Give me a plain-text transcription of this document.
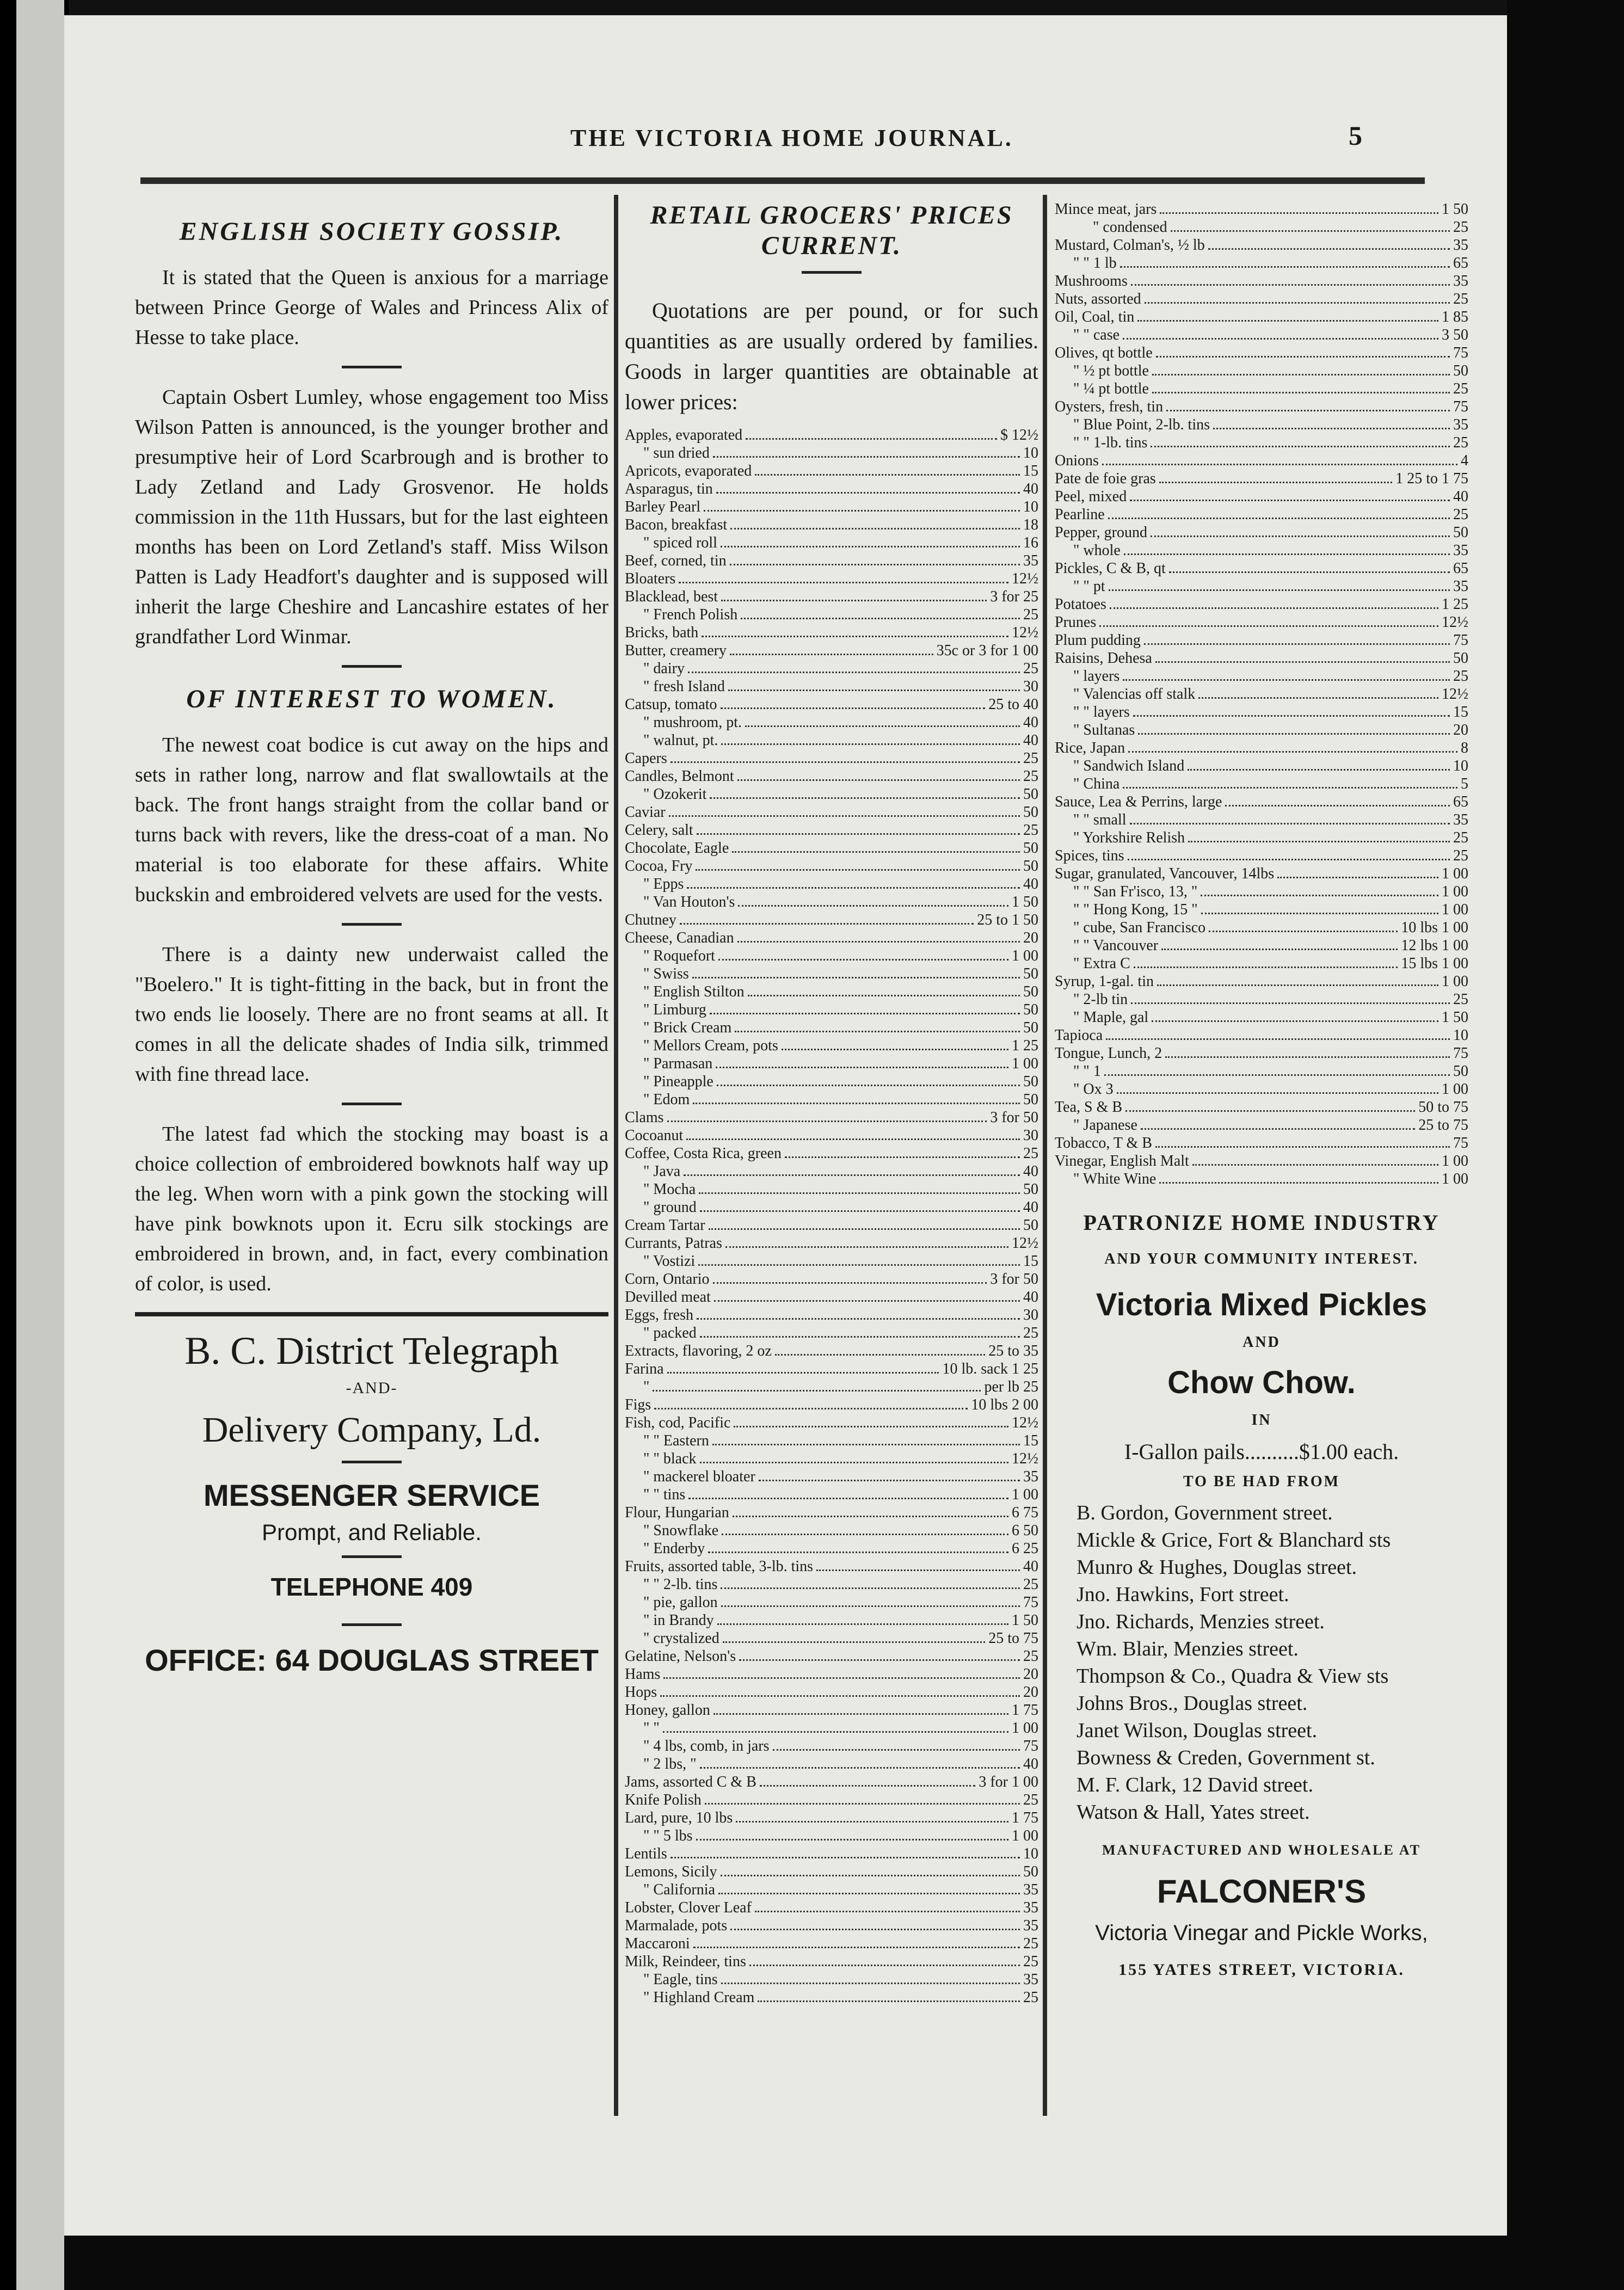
THE VICTORIA HOME JOURNAL.	5
ENGLISH SOCIETY GOSSIP.

It is stated that the Queen is anxious for a marriage between Prince George of Wales and Princess Alix of Hesse to take place.

Captain Osbert Lumley, whose engagement too Miss Wilson Patten is announced, is the younger brother and presumptive heir of Lord Scarbrough and is brother to Lady Zetland and Lady Grosvenor. He holds commission in the 11th Hussars, but for the last eighteen months has been on Lord Zetland's staff. Miss Wilson Patten is Lady Headfort's daughter and is supposed will inherit the large Cheshire and Lancashire estates of her grandfather Lord Winmar.

OF INTEREST TO WOMEN.

The newest coat bodice is cut away on the hips and sets in rather long, narrow and flat swallowtails at the back. The front hangs straight from the collar band or turns back with revers, like the dress-coat of a man. No material is too elaborate for these affairs. White buckskin and embroidered velvets are used for the vests.

There is a dainty new underwaist called the "Boelero." It is tight-fitting in the back, but in front the two ends lie loosely. There are no front seams at all. It comes in all the delicate shades of India silk, trimmed with fine thread lace.

The latest fad which the stocking may boast is a choice collection of embroidered bowknots half way up the leg. When worn with a pink gown the stocking will have pink bowknots upon it. Ecru silk stockings are embroidered in brown, and, in fact, every combination of color, is used.

B. C. District Telegraph
-AND-
Delivery Company, Ld.
MESSENGER SERVICE
Prompt, and Reliable.
TELEPHONE 409
OFFICE: 64 DOUGLAS STREET

RETAIL GROCERS' PRICES

CURRENT.

Quotations are per pound, or for such quantities as are usually ordered by families. Goods in larger quantities are obtainable at lower prices:

Apples, evaporated	$ 12½
" sun dried	10
Apricots, evaporated	15
Asparagus, tin	40
Barley Pearl	10
Bacon, breakfast	18
" spiced roll	16
Beef, corned, tin	35
Bloaters	12½
Blacklead, best	3 for 25
" French Polish	25
Bricks, bath	12½
Butter, creamery	35c or 3 for 1 00
" dairy	25
" fresh Island	30
Catsup, tomato	25 to 40
" mushroom, pt.	40
" walnut, pt.	40
Capers	25
Candles, Belmont	25
" Ozokerit	50
Caviar	50
Celery, salt	25
Chocolate, Eagle	50
Cocoa, Fry	50
" Epps	40
" Van Houton's	1 50
Chutney	25 to 1 50
Cheese, Canadian	20
" Roquefort	1 00
" Swiss	50
" English Stilton	50
" Limburg	50
" Brick Cream	50
" Mellors Cream, pots	1 25
" Parmasan	1 00
" Pineapple	50
" Edom	50
Clams	3 for 50
Cocoanut	30
Coffee, Costa Rica, green	25
" Java	40
" Mocha	50
" ground	40
Cream Tartar	50
Currants, Patras	12½
" Vostizi	15
Corn, Ontario	3 for 50
Devilled meat	40
Eggs, fresh	30
" packed	25
Extracts, flavoring, 2 oz	25 to 35
Farina	10 lb. sack 1 25
"	per lb 25
Figs	10 lbs 2 00
Fish, cod, Pacific	12½
" " Eastern	15
" " black	12½
" mackerel bloater	35
" " tins	1 00
Flour, Hungarian	6 75
" Snowflake	6 50
" Enderby	6 25
Fruits, assorted table, 3-lb. tins	40
" " 2-lb. tins	25
" pie, gallon	75
" in Brandy	1 50
" crystalized	25 to 75
Gelatine, Nelson's	25
Hams	20
Hops	20
Honey, gallon	1 75
" "	1 00
" 4 lbs, comb, in jars	75
" 2 lbs, "	40
Jams, assorted C & B	3 for 1 00
Knife Polish	25
Lard, pure, 10 lbs	1 75
" " 5 lbs	1 00
Lentils	10
Lemons, Sicily	50
" California	35
Lobster, Clover Leaf	35
Marmalade, pots	35
Maccaroni	25
Milk, Reindeer, tins	25
" Eagle, tins	35
" Highland Cream	25
Mince meat, jars	1 50
" condensed	25
Mustard, Colman's, ½ lb	35
" " 1 lb	65
Mushrooms	35
Nuts, assorted	25
Oil, Coal, tin	1 85
" " case	3 50
Olives, qt bottle	75
" ½ pt bottle	50
" ¼ pt bottle	25
Oysters, fresh, tin	75
" Blue Point, 2-lb. tins	35
" " 1-lb. tins	25
Onions	4
Pate de foie gras	1 25 to 1 75
Peel, mixed	40
Pearline	25
Pepper, ground	50
" whole	35
Pickles, C & B, qt	65
" " pt	35
Potatoes	1 25
Prunes	12½
Plum pudding	75
Raisins, Dehesa	50
" layers	25
" Valencias off stalk	12½
" " layers	15
" Sultanas	20
Rice, Japan	8
" Sandwich Island	10
" China	5
Sauce, Lea & Perrins, large	65
" " small	35
" Yorkshire Relish	25
Spices, tins	25
Sugar, granulated, Vancouver, 14lbs	1 00
" " San Fr'isco, 13, "	1 00
" " Hong Kong, 15 "	1 00
" cube, San Francisco	10 lbs 1 00
" " Vancouver	12 lbs 1 00
" Extra C	15 lbs 1 00
Syrup, 1-gal. tin	1 00
" 2-lb tin	25
" Maple, gal	1 50
Tapioca	10
Tongue, Lunch, 2	75
" " 1	50
" Ox 3	1 00
Tea, S & B	50 to 75
" Japanese	25 to 75
Tobacco, T & B	75
Vinegar, English Malt	1 00
" White Wine	1 00
PATRONIZE HOME INDUSTRY
AND YOUR COMMUNITY INTEREST.
Victoria Mixed Pickles
AND
Chow Chow.
IN
I-Gallon pails..........$1.00 each.
TO BE HAD FROM
B. Gordon, Government street.
Mickle & Grice, Fort & Blanchard sts
Munro & Hughes, Douglas street.
Jno. Hawkins, Fort street.
Jno. Richards, Menzies street.
Wm. Blair, Menzies street.
Thompson & Co., Quadra & View sts
Johns Bros., Douglas street.
Janet Wilson, Douglas street.
Bowness & Creden, Government st.
M. F. Clark, 12 David street.
Watson & Hall, Yates street.
MANUFACTURED AND WHOLESALE AT
FALCONER'S
Victoria Vinegar and Pickle Works,
155 YATES STREET, VICTORIA.
